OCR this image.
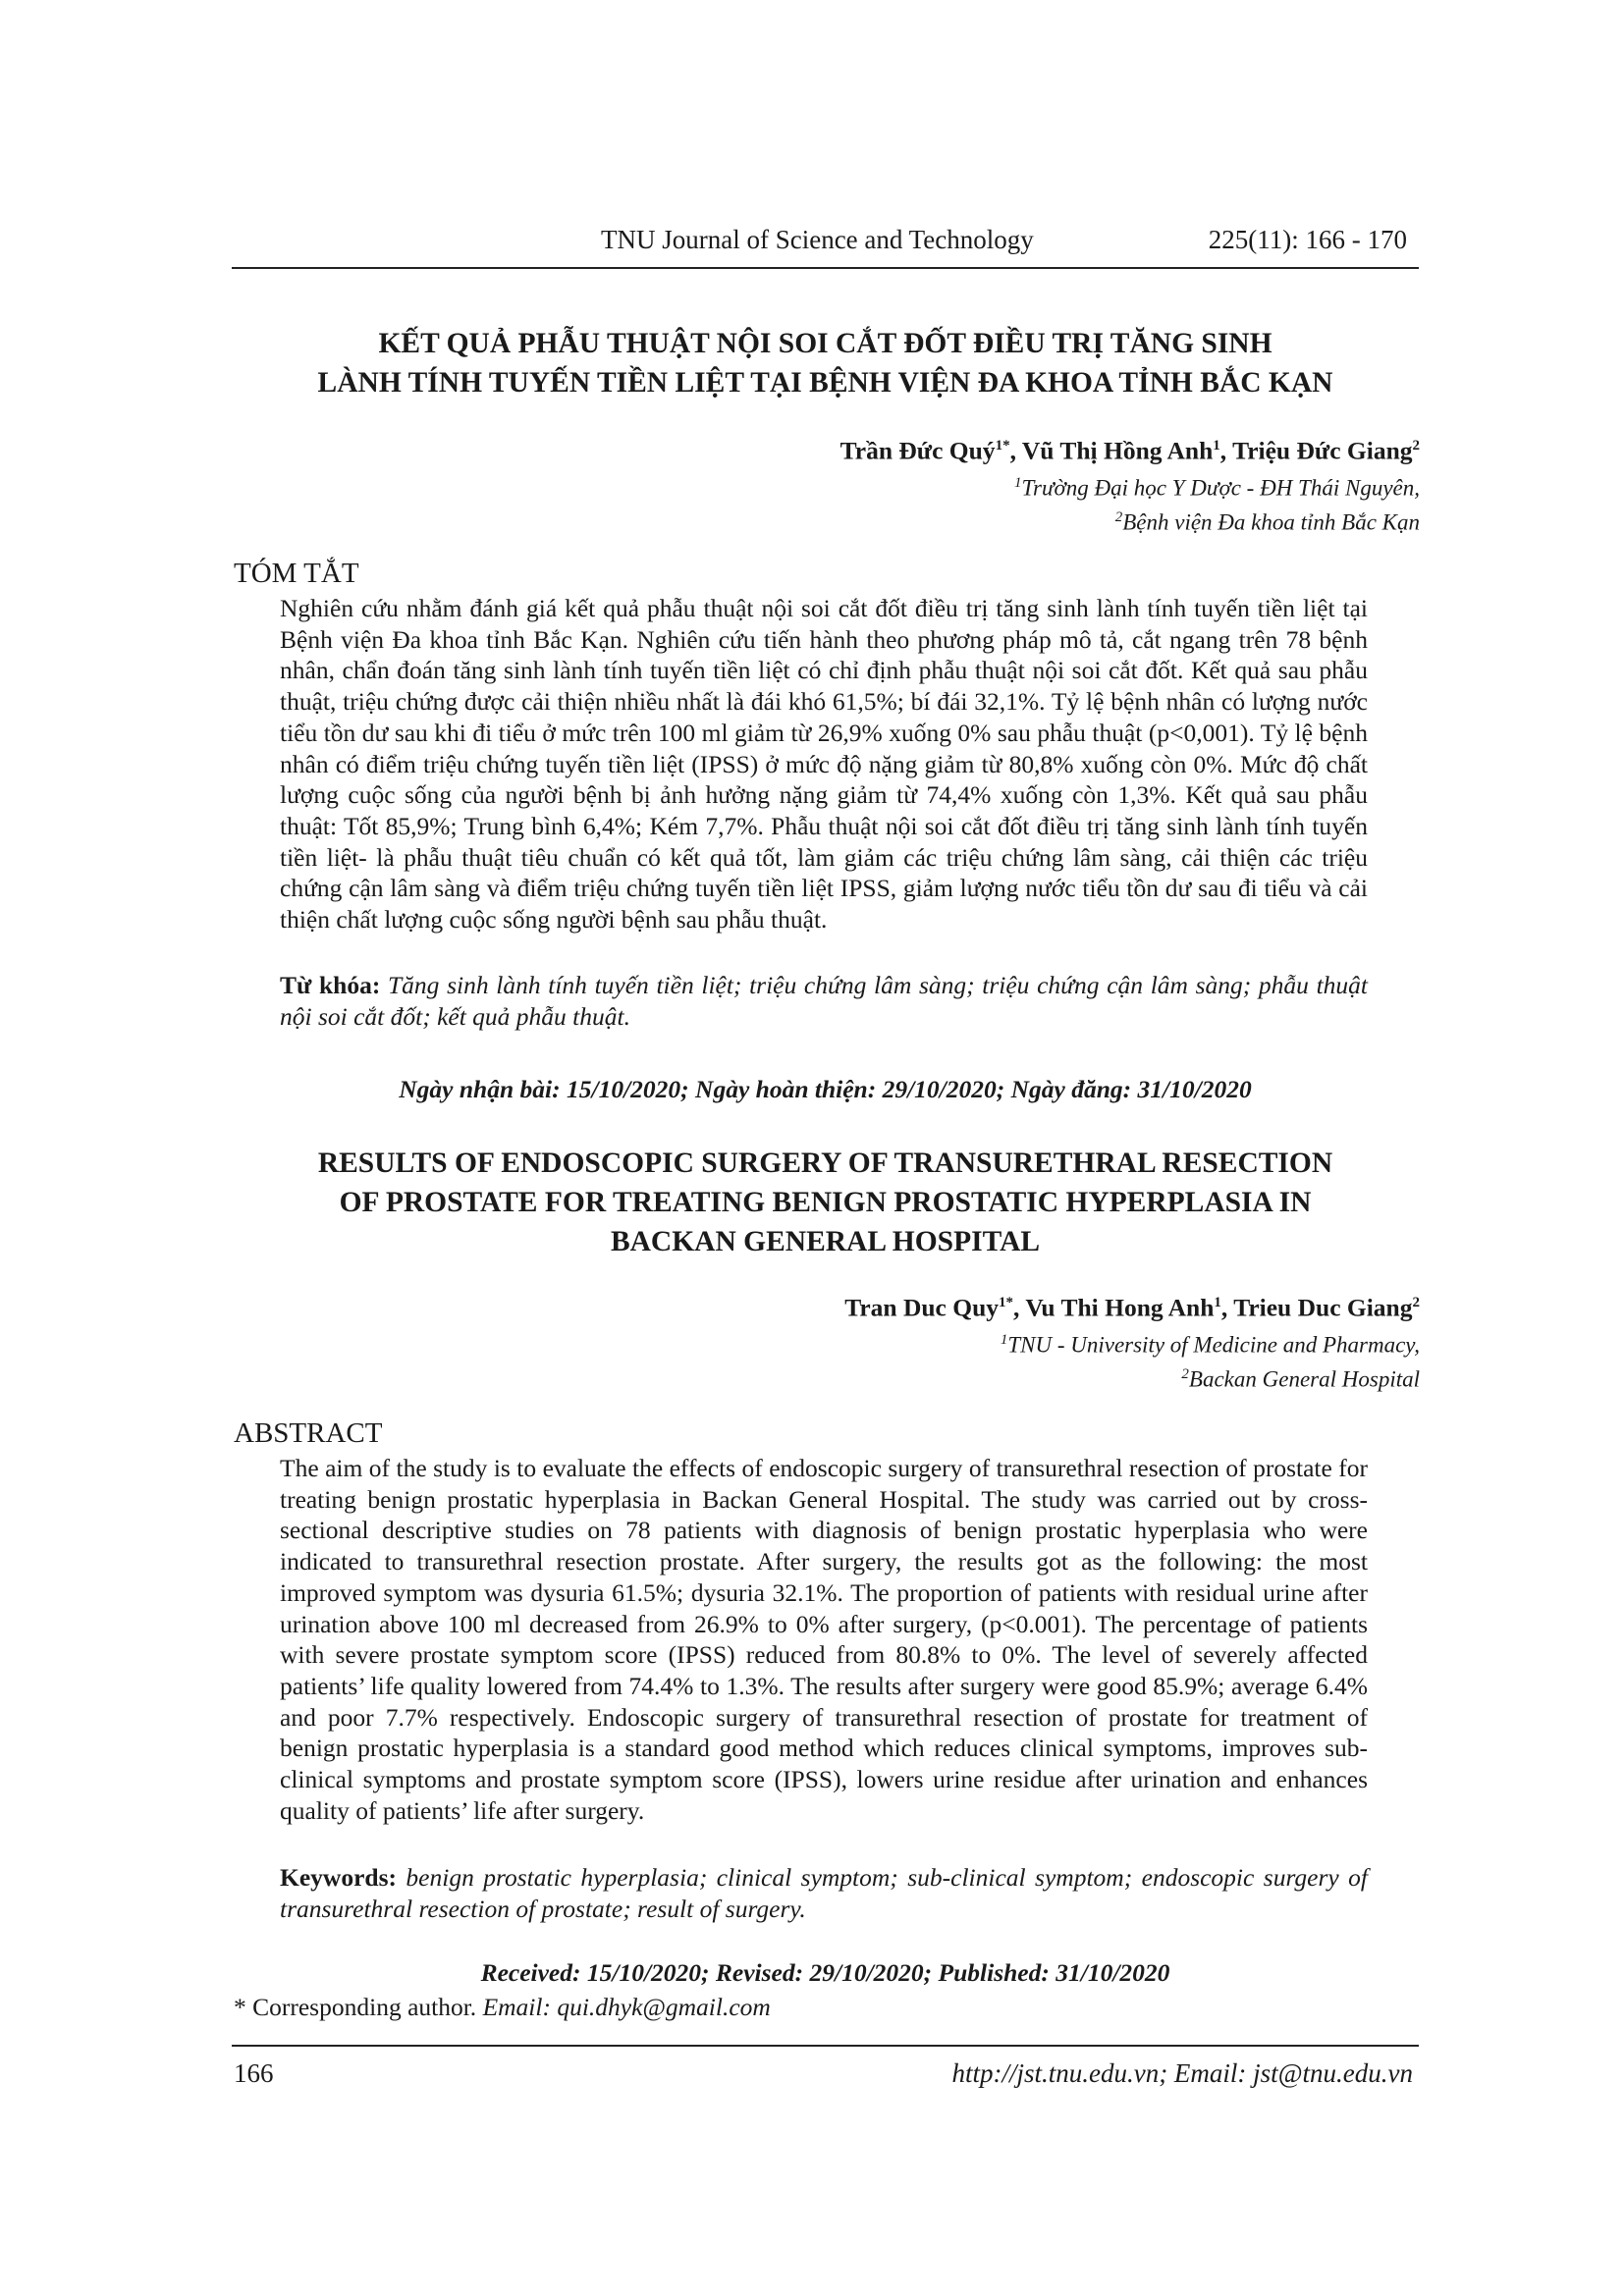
TNU Journal of Science and Technology	225(11): 166 - 170
KẾT QUẢ PHẪU THUẬT NỘI SOI CẮT ĐỐT ĐIỀU TRỊ TĂNG SINH
LÀNH TÍNH TUYẾN TIỀN LIỆT TẠI BỆNH VIỆN ĐA KHOA TỈNH BẮC KẠN
Trần Đức Quý$^{1*}$, Vũ Thị Hồng Anh$^1$, Triệu Đức Giang$^2$
$^1$Trường Đại học Y Dược - ĐH Thái Nguyên,
$^2$Bệnh viện Đa khoa tỉnh Bắc Kạn
TÓM TẮT

Nghiên cứu nhằm đánh giá kết quả phẫu thuật nội soi cắt đốt điều trị tăng sinh lành tính tuyến tiền liệt tại Bệnh viện Đa khoa tỉnh Bắc Kạn. Nghiên cứu tiến hành theo phương pháp mô tả, cắt ngang trên 78 bệnh nhân, chẩn đoán tăng sinh lành tính tuyến tiền liệt có chỉ định phẫu thuật nội soi cắt đốt. Kết quả sau phẫu thuật, triệu chứng được cải thiện nhiều nhất là đái khó 61,5%; bí đái 32,1%. Tỷ lệ bệnh nhân có lượng nước tiểu tồn dư sau khi đi tiểu ở mức trên 100 ml giảm từ 26,9% xuống 0% sau phẫu thuật (p<0,001). Tỷ lệ bệnh nhân có điểm triệu chứng tuyến tiền liệt (IPSS) ở mức độ nặng giảm từ 80,8% xuống còn 0%. Mức độ chất lượng cuộc sống của người bệnh bị ảnh hưởng nặng giảm từ 74,4% xuống còn 1,3%. Kết quả sau phẫu thuật: Tốt 85,9%; Trung bình 6,4%; Kém 7,7%. Phẫu thuật nội soi cắt đốt điều trị tăng sinh lành tính tuyến tiền liệt- là phẫu thuật tiêu chuẩn có kết quả tốt, làm giảm các triệu chứng lâm sàng, cải thiện các triệu chứng cận lâm sàng và điểm triệu chứng tuyến tiền liệt IPSS, giảm lượng nước tiểu tồn dư sau đi tiểu và cải thiện chất lượng cuộc sống người bệnh sau phẫu thuật.

Từ khóa: Tăng sinh lành tính tuyến tiền liệt; triệu chứng lâm sàng; triệu chứng cận lâm sàng; phẫu thuật nội soi cắt đốt; kết quả phẫu thuật.

Ngày nhận bài: 15/10/2020; Ngày hoàn thiện: 29/10/2020; Ngày đăng: 31/10/2020
RESULTS OF ENDOSCOPIC SURGERY OF TRANSURETHRAL RESECTION
OF PROSTATE FOR TREATING BENIGN PROSTATIC HYPERPLASIA IN
BACKAN GENERAL HOSPITAL
Tran Duc Quy$^{1*}$, Vu Thi Hong Anh$^1$, Trieu Duc Giang$^2$
$^1$TNU - University of Medicine and Pharmacy,
$^2$Backan General Hospital
ABSTRACT

The aim of the study is to evaluate the effects of endoscopic surgery of transurethral resection of prostate for treating benign prostatic hyperplasia in Backan General Hospital. The study was carried out by cross-sectional descriptive studies on 78 patients with diagnosis of benign prostatic hyperplasia who were indicated to transurethral resection prostate. After surgery, the results got as the following: the most improved symptom was dysuria 61.5%; dysuria 32.1%. The proportion of patients with residual urine after urination above 100 ml decreased from 26.9% to 0% after surgery, (p<0.001). The percentage of patients with severe prostate symptom score (IPSS) reduced from 80.8% to 0%. The level of severely affected patients’ life quality lowered from 74.4% to 1.3%. The results after surgery were good 85.9%; average 6.4% and poor 7.7% respectively. Endoscopic surgery of transurethral resection of prostate for treatment of benign prostatic hyperplasia is a standard good method which reduces clinical symptoms, improves sub-clinical symptoms and prostate symptom score (IPSS), lowers urine residue after urination and enhances quality of patients’ life after surgery.

Keywords: benign prostatic hyperplasia; clinical symptom; sub-clinical symptom; endoscopic surgery of transurethral resection of prostate; result of surgery.

Received: 15/10/2020; Revised: 29/10/2020; Published: 31/10/2020
* Corresponding author. Email: qui.dhyk@gmail.com
166	http://jst.tnu.edu.vn; Email: jst@tnu.edu.vn
